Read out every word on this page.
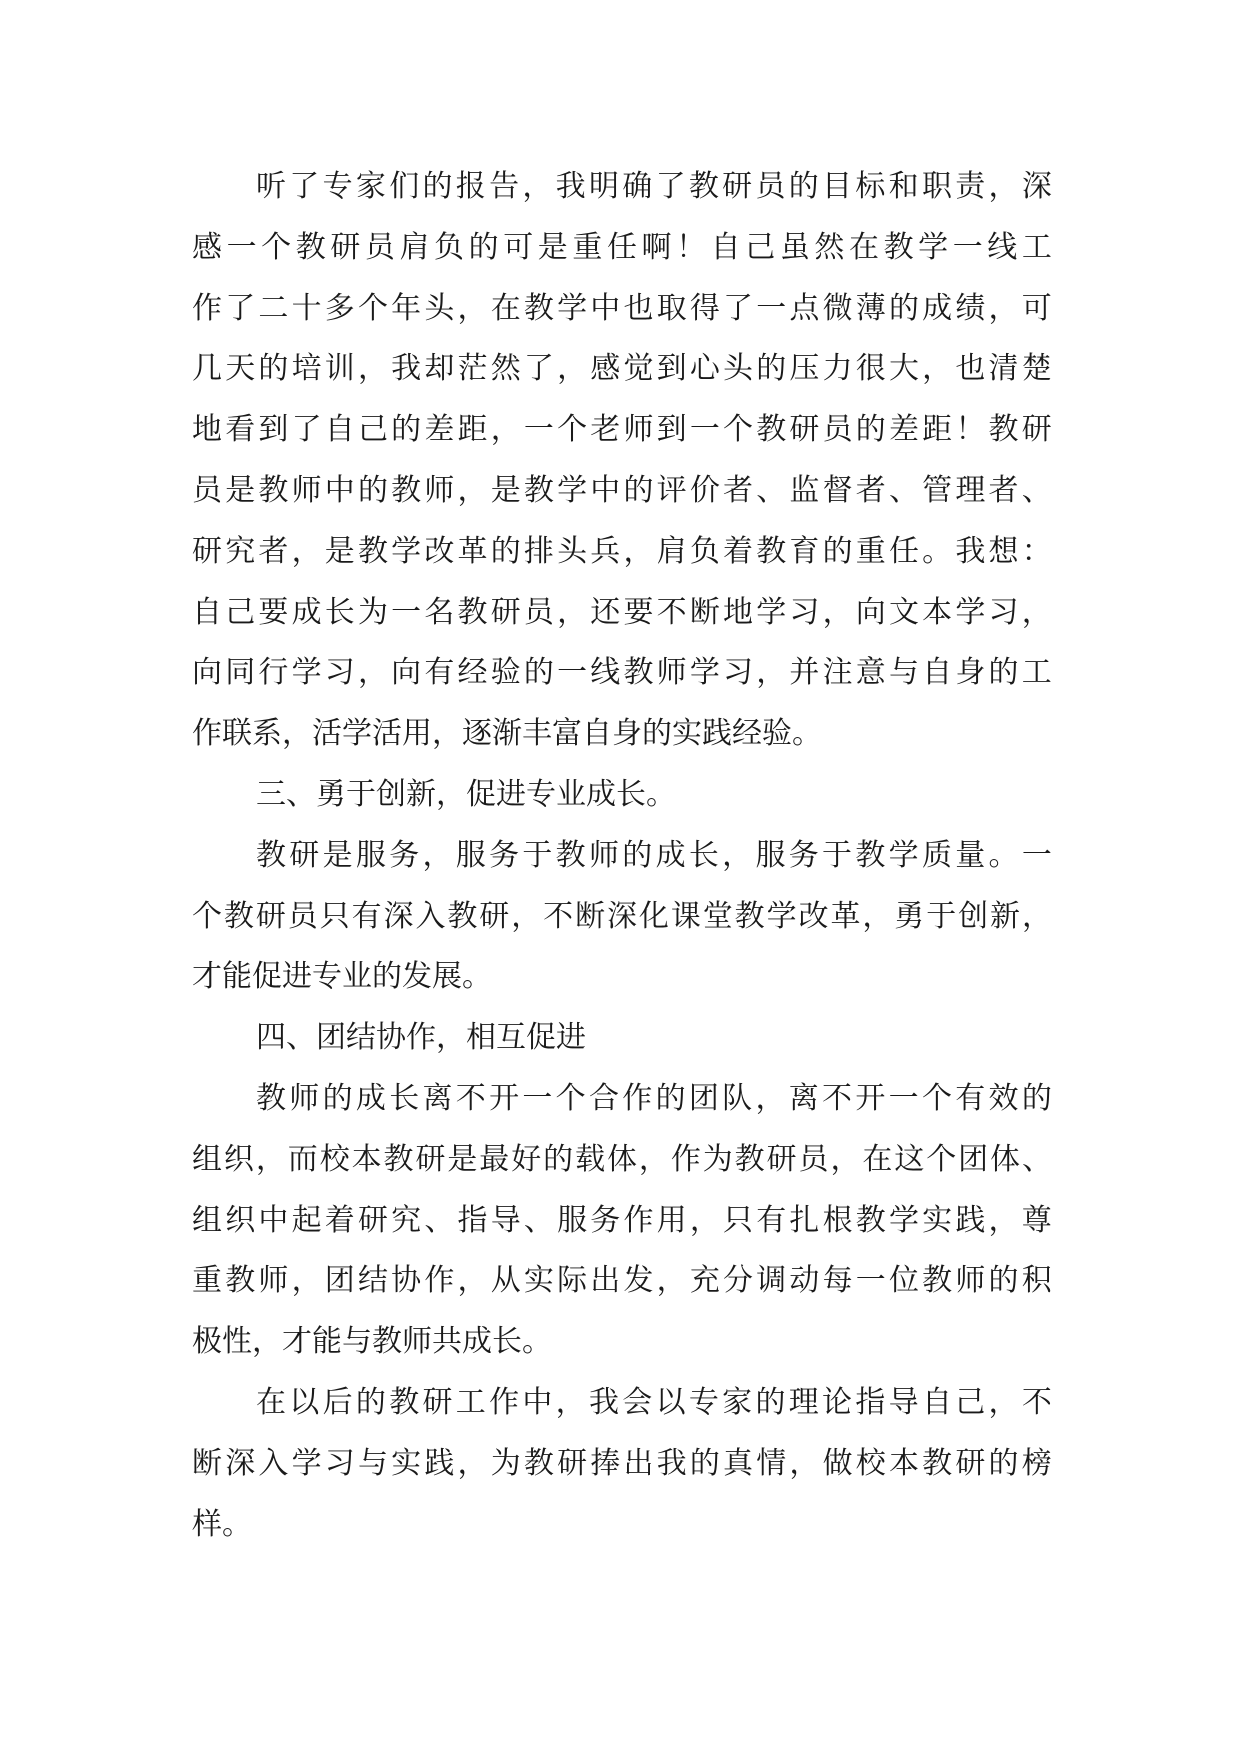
听 了 专 家 们 的 报 告 ， 我 明 确 了 教 研 员 的 目 标 和 职 责 ， 深
感 一 个 教 研 员 肩 负 的 可 是 重 任 啊 ！ 自 己 虽 然 在 教 学 一 线 工
作 了 二 十 多 个 年 头 ， 在 教 学 中 也 取 得 了 一 点 微 薄 的 成 绩 ， 可
几 天 的 培 训 ， 我 却 茫 然 了 ， 感 觉 到 心 头 的 压 力 很 大 ， 也 清 楚
地 看 到 了 自 己 的 差 距 ， 一 个 老 师 到 一 个 教 研 员 的 差 距 ！ 教 研
员 是 教 师 中 的 教 师 ， 是 教 学 中 的 评 价 者 、 监 督 者 、 管 理 者 、
研 究 者 ， 是 教 学 改 革 的 排 头 兵 ， 肩 负 着 教 育 的 重 任 。 我 想 ：
自 己 要 成 长 为 一 名 教 研 员 ， 还 要 不 断 地 学 习 ， 向 文 本 学 习 ，
向 同 行 学 习 ， 向 有 经 验 的 一 线 教 师 学 习 ， 并 注 意 与 自 身 的 工
作联系，活学活用，逐渐丰富自身的实践经验。
三、勇于创新，促进专业成长。
教 研 是 服 务 ， 服 务 于 教 师 的 成 长 ， 服 务 于 教 学 质 量 。 一
个 教 研 员 只 有 深 入 教 研 ， 不 断 深 化 课 堂 教 学 改 革 ， 勇 于 创 新 ，
才能促进专业的发展。
四、团结协作，相互促进
教 师 的 成 长 离 不 开 一 个 合 作 的 团 队 ， 离 不 开 一 个 有 效 的
组 织 ， 而 校 本 教 研 是 最 好 的 载 体 ， 作 为 教 研 员 ， 在 这 个 团 体 、
组 织 中 起 着 研 究 、 指 导 、 服 务 作 用 ， 只 有 扎 根 教 学 实 践 ， 尊
重 教 师 ， 团 结 协 作 ， 从 实 际 出 发 ， 充 分 调 动 每 一 位 教 师 的 积
极性，才能与教师共成长。
在 以 后 的 教 研 工 作 中 ， 我 会 以 专 家 的 理 论 指 导 自 己 ， 不
断 深 入 学 习 与 实 践 ， 为 教 研 捧 出 我 的 真 情 ， 做 校 本 教 研 的 榜
样。
